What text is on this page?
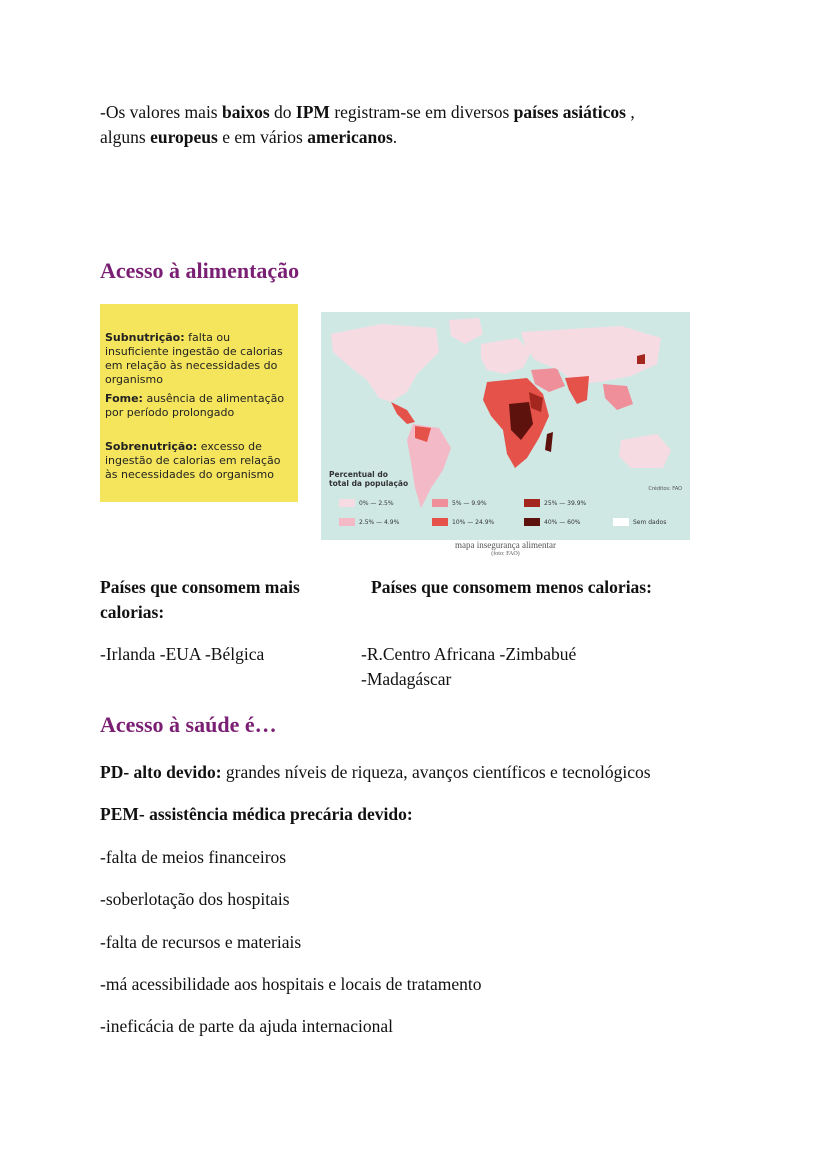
-Os valores mais baixos do IPM registram-se em diversos países asiáticos ,
alguns europeus e em vários americanos.
Acesso à alimentação
Subnutrição: falta ou insuficiente ingestão de calorias em relação às necessidades do organismo
Fome: ausência de alimentação por período prolongado
Sobrenutrição: excesso de ingestão de calorias em relação às necessidades do organismo	Percentual do
total da população
Créditos: FAO
0% — 2.5%	5% — 9.9%	25% — 39.9%
2.5% — 4.9%	10% — 24.9%	40% — 60%	Sem dados
mapa insegurança alimentar
(foto: FAO)
Países que consomem mais calorias:
Países que consomem menos calorias:
-Irlanda -EUA -Bélgica	-R.Centro Africana -Zimbabué
-Madagáscar
Acesso à saúde é…
PD- alto devido: grandes níveis de riqueza, avanços científicos e tecnológicos
PEM- assistência médica precária devido:
-falta de meios financeiros
-soberlotação dos hospitais
-falta de recursos e materiais
-má acessibilidade aos hospitais e locais de tratamento
-ineficácia de parte da ajuda internacional
